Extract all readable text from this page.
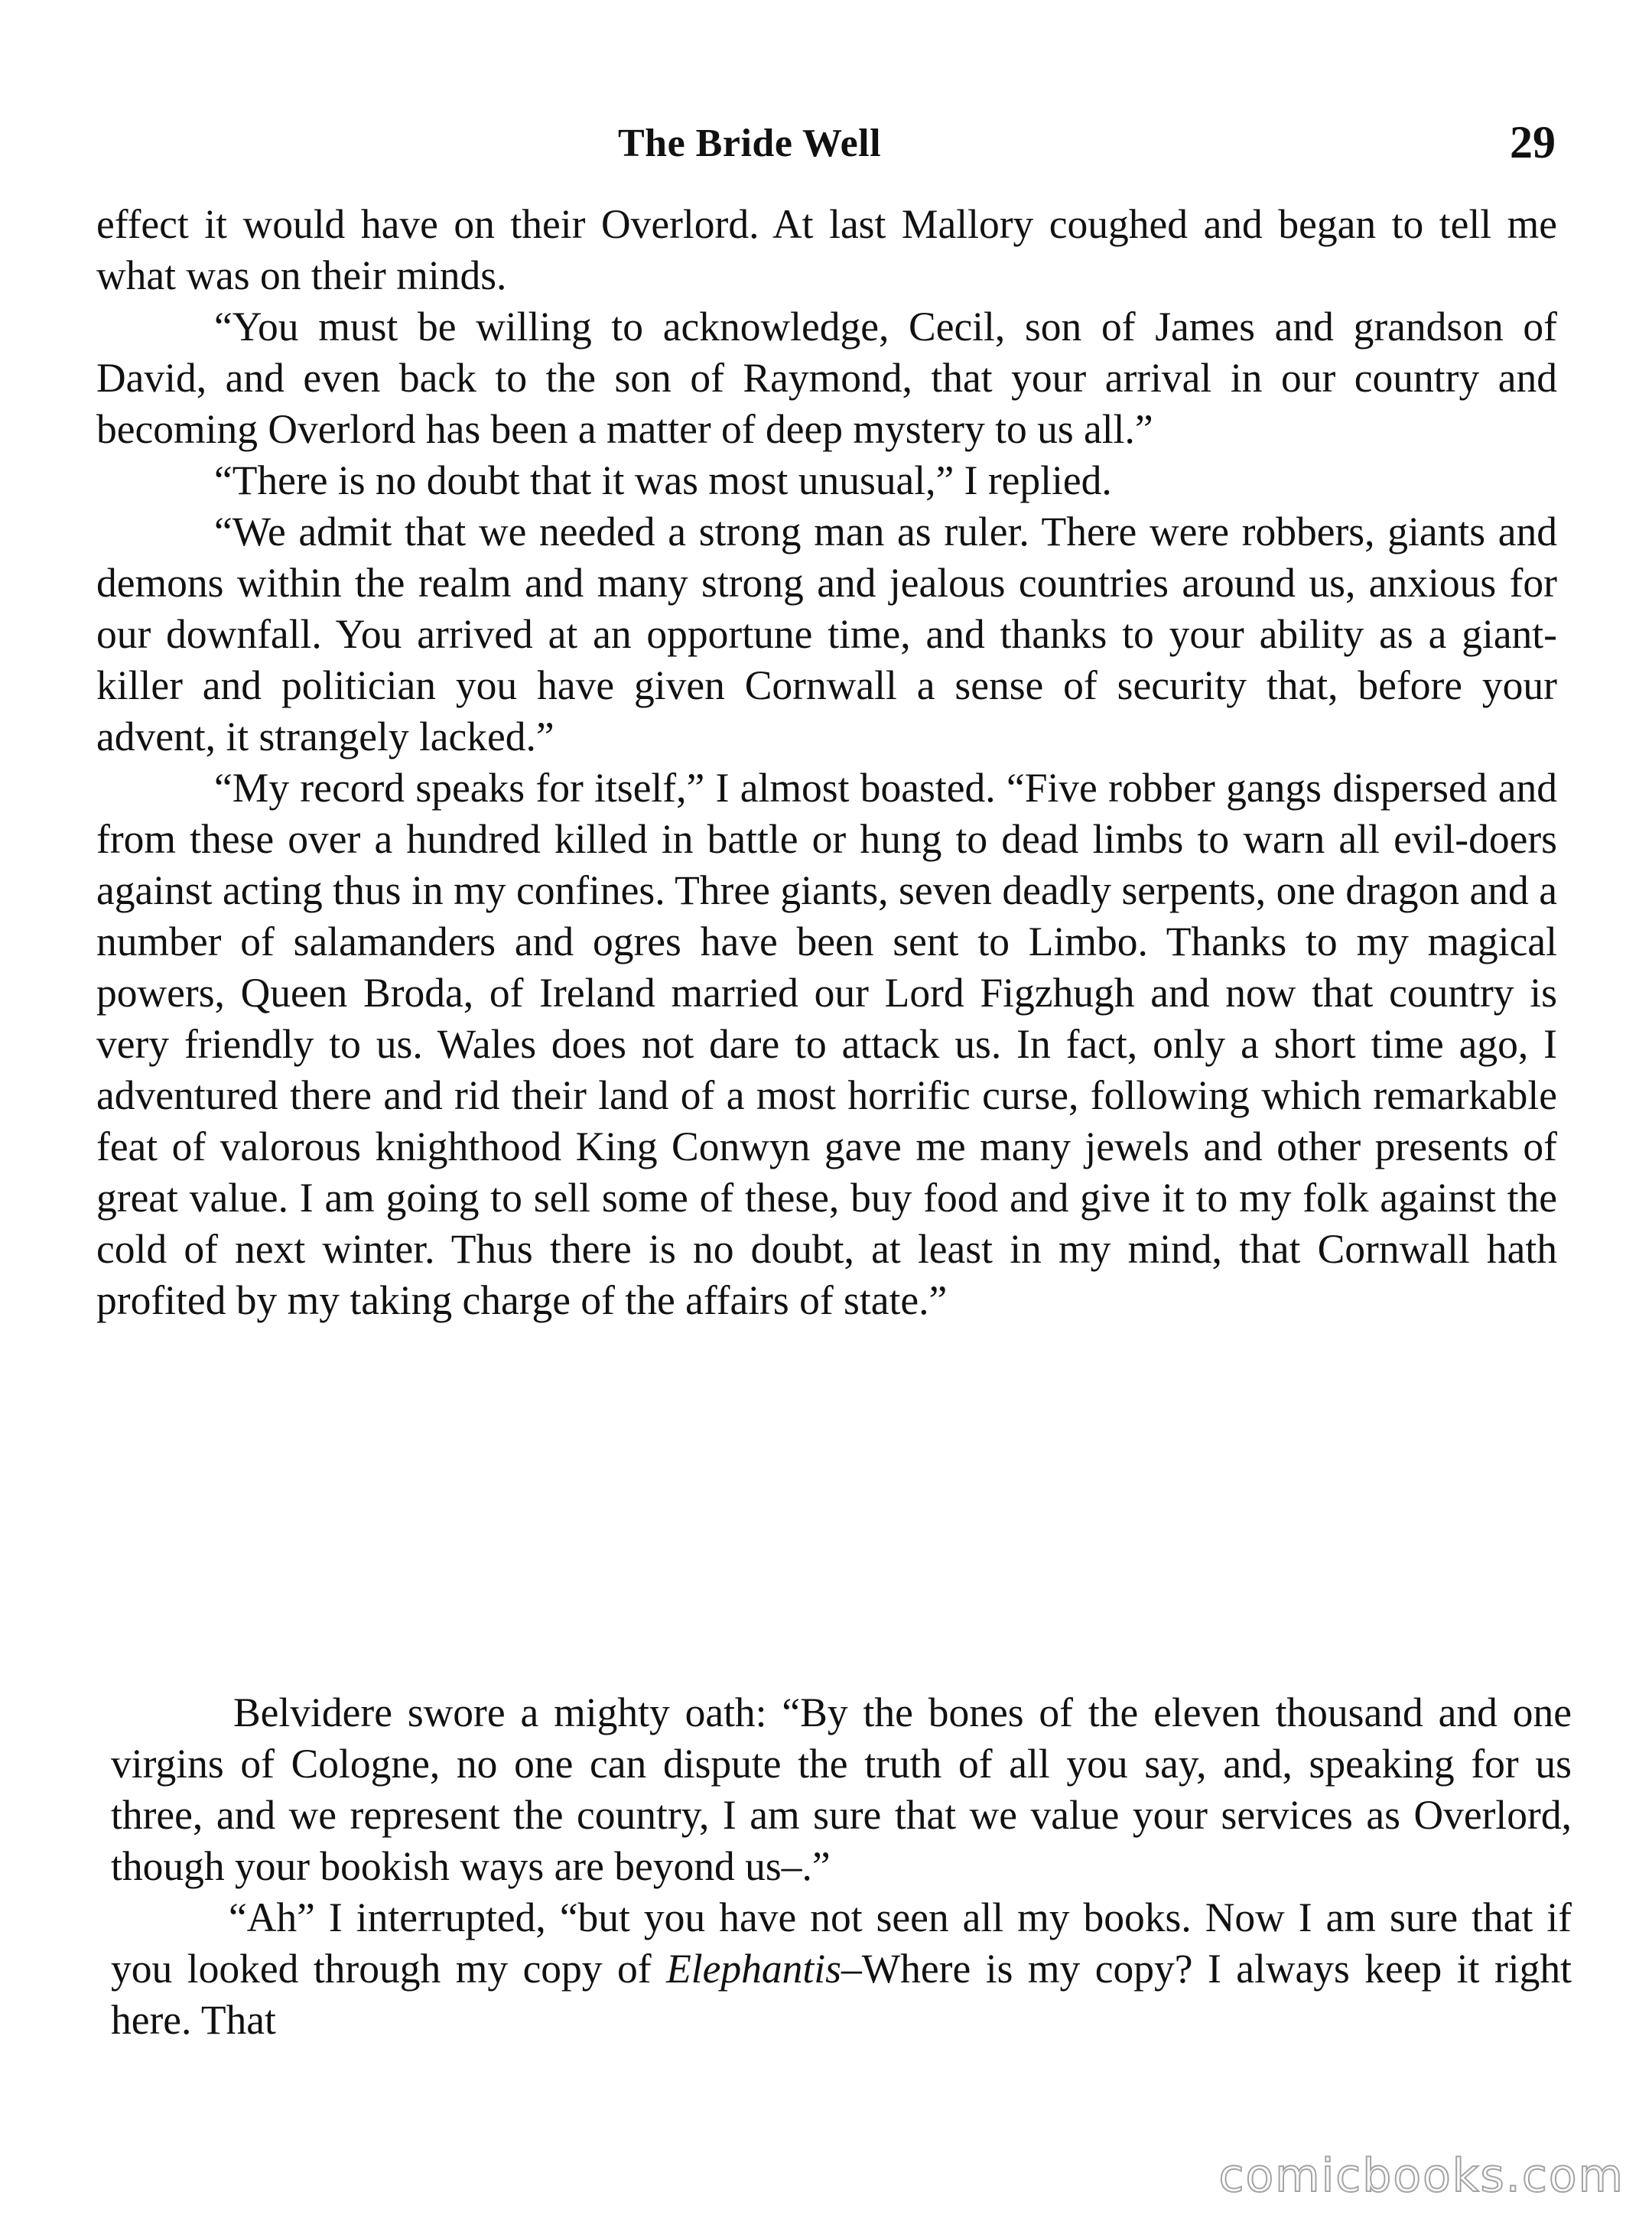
The Bride Well	29

effect it would have on their Overlord. At last Mallory coughed and began to tell me what was on their minds.

“You must be willing to acknowledge, Cecil, son of James and grandson of David, and even back to the son of Raymond, that your arrival in our country and becoming Overlord has been a matter of deep mystery to us all.”

“There is no doubt that it was most unusual,” I replied.

“We admit that we needed a strong man as ruler. There were robbers, giants and demons within the realm and many strong and jealous countries around us, anxious for our downfall. You arrived at an opportune time, and thanks to your ability as a giant-killer and politician you have given Cornwall a sense of security that, before your advent, it strangely lacked.”

“My record speaks for itself,” I almost boasted. “Five robber gangs dispersed and from these over a hundred killed in battle or hung to dead limbs to warn all evil-doers against acting thus in my confines. Three giants, seven deadly serpents, one dragon and a number of salamanders and ogres have been sent to Limbo. Thanks to my magical powers, Queen Broda, of Ireland married our Lord Figzhugh and now that country is very friendly to us. Wales does not dare to attack us. In fact, only a short time ago, I adventured there and rid their land of a most horrific curse, following which remarkable feat of valorous knighthood King Conwyn gave me many jewels and other presents of great value. I am going to sell some of these, buy food and give it to my folk against the cold of next winter. Thus there is no doubt, at least in my mind, that Cornwall hath profited by my taking charge of the affairs of state.”

Belvidere swore a mighty oath: “By the bones of the eleven thousand and one virgins of Cologne, no one can dispute the truth of all you say, and, speaking for us three, and we represent the country, I am sure that we value your services as Overlord, though your bookish ways are beyond us–.”

“Ah” I interrupted, “but you have not seen all my books. Now I am sure that if you looked through my copy of Elephantis–Where is my copy? I always keep it right here. That

comicbooks.com
